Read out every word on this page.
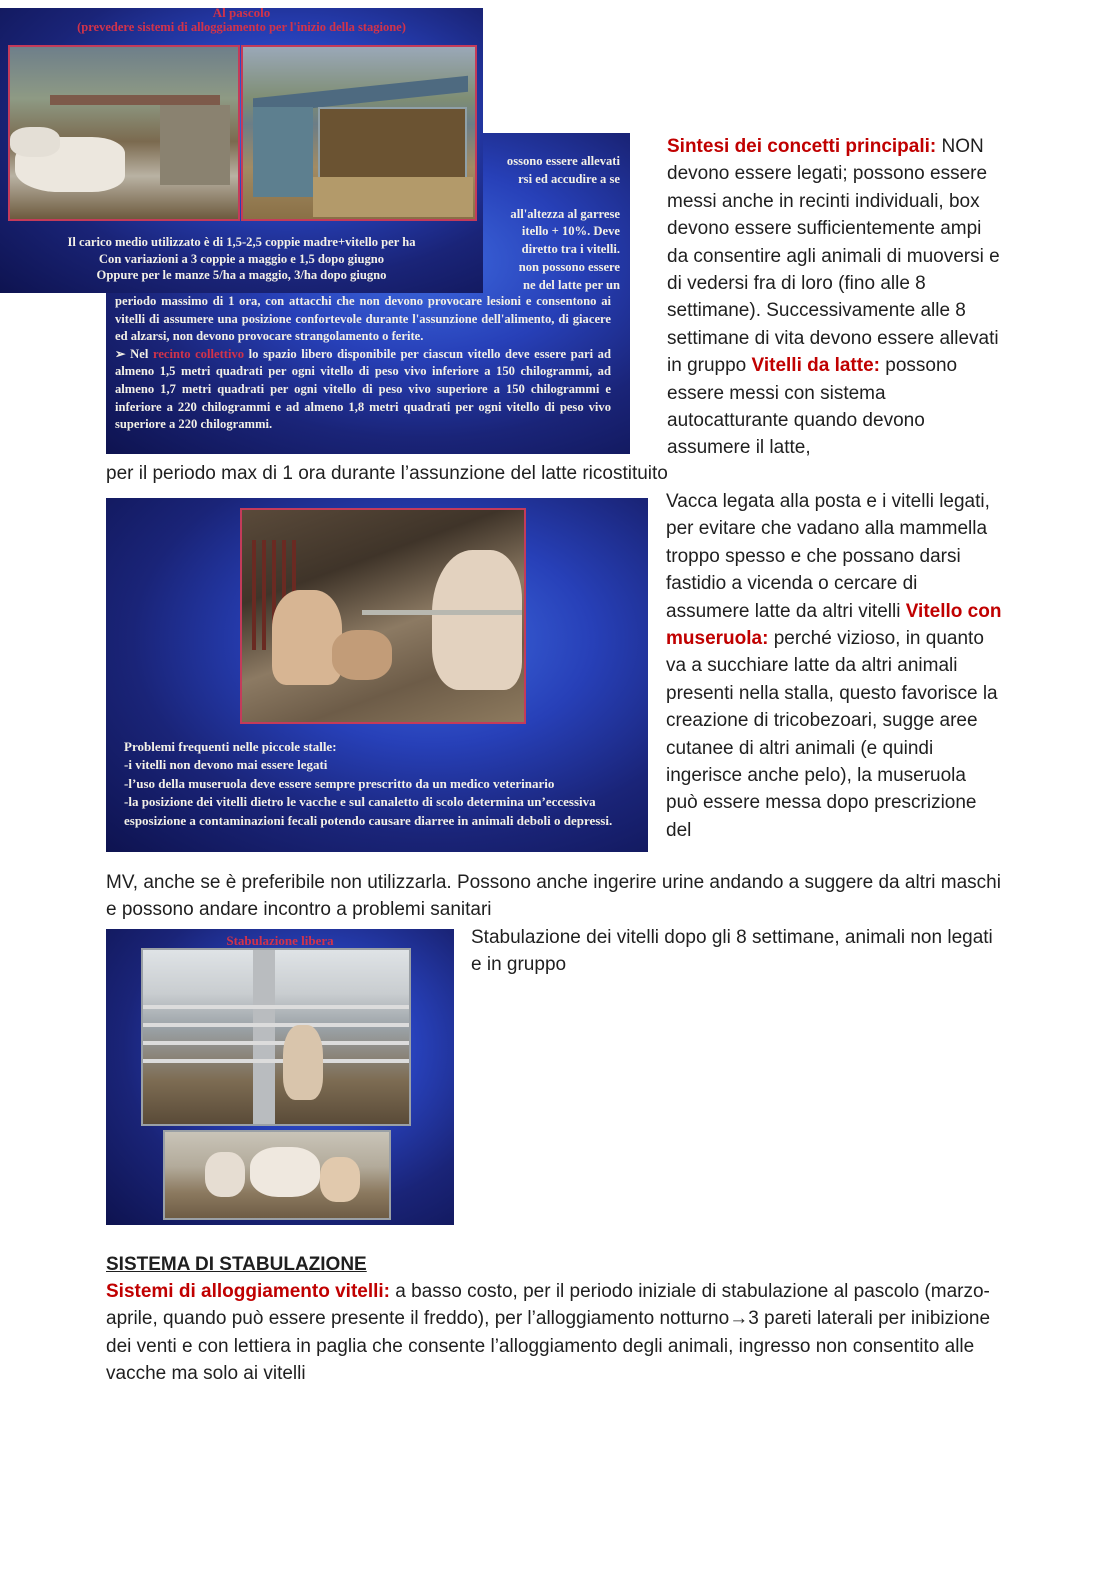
ossono essere allevati
rsi ed accudire a se
all'altezza al garrese
itello + 10%. Deve
diretto tra i vitelli.
non possono essere
ne del latte per un
periodo massimo di 1 ora, con attacchi che non devono provocare lesioni e consentono ai vitelli di assumere una posizione confortevole durante l'assunzione dell'alimento, di giacere ed alzarsi, non devono provocare strangolamento o ferite.
➢ Nel recinto collettivo lo spazio libero disponibile per ciascun vitello deve essere pari ad almeno 1,5 metri quadrati per ogni vitello di peso vivo inferiore a 150 chilogrammi, ad almeno 1,7 metri quadrati per ogni vitello di peso vivo superiore a 150 chilogrammi e inferiore a 220 chilogrammi e ad almeno 1,8 metri quadrati per ogni vitello di peso vivo superiore a 220 chilogrammi.
Al pascolo
(prevedere sistemi di alloggiamento per l'inizio della stagione)
Il carico medio utilizzato è di 1,5-2,5 coppie madre+vitello per ha
Con variazioni a 3 coppie a maggio e 1,5 dopo giugno
Oppure per le manze 5/ha a maggio, 3/ha dopo giugno
Sintesi dei concetti principali: NON devono essere legati; possono essere messi anche in recinti individuali, box devono essere sufficientemente ampi da consentire agli animali di muoversi e di vedersi fra di loro (fino alle 8 settimane). Successivamente alle 8 settimane di vita devono essere allevati in gruppo Vitelli da latte: possono essere messi con sistema autocatturante quando devono assumere il latte,
per il periodo max di 1 ora durante l’assunzione del latte ricostituito
Problemi frequenti nelle piccole stalle:
-i vitelli non devono mai essere legati
-l’uso della museruola deve essere sempre prescritto da un medico veterinario
-la posizione dei vitelli dietro le vacche e sul canaletto di scolo determina un’eccessiva esposizione a contaminazioni fecali potendo causare diarree in animali deboli o depressi.
Vacca legata alla posta e i vitelli legati, per evitare che vadano alla mammella troppo spesso e che possano darsi fastidio a vicenda o cercare di assumere latte da altri vitelli Vitello con museruola: perché vizioso, in quanto va a succhiare latte da altri animali presenti nella stalla, questo favorisce la creazione di tricobezoari, sugge aree cutanee di altri animali (e quindi ingerisce anche pelo), la museruola può essere messa dopo prescrizione del
MV, anche se è preferibile non utilizzarla. Possono anche ingerire urine andando a suggere da altri maschi e possono andare incontro a problemi sanitari
Stabulazione libera	Stabulazione dei vitelli dopo gli 8 settimane, animali non legati e in gruppo
SISTEMA DI STABULAZIONE
Sistemi di alloggiamento vitelli: a basso costo, per il periodo iniziale di stabulazione al pascolo (marzo-aprile, quando può essere presente il freddo), per l’alloggiamento notturno→3 pareti laterali per inibizione dei venti e con lettiera in paglia che consente l’alloggiamento degli animali, ingresso non consentito alle vacche ma solo ai vitelli
